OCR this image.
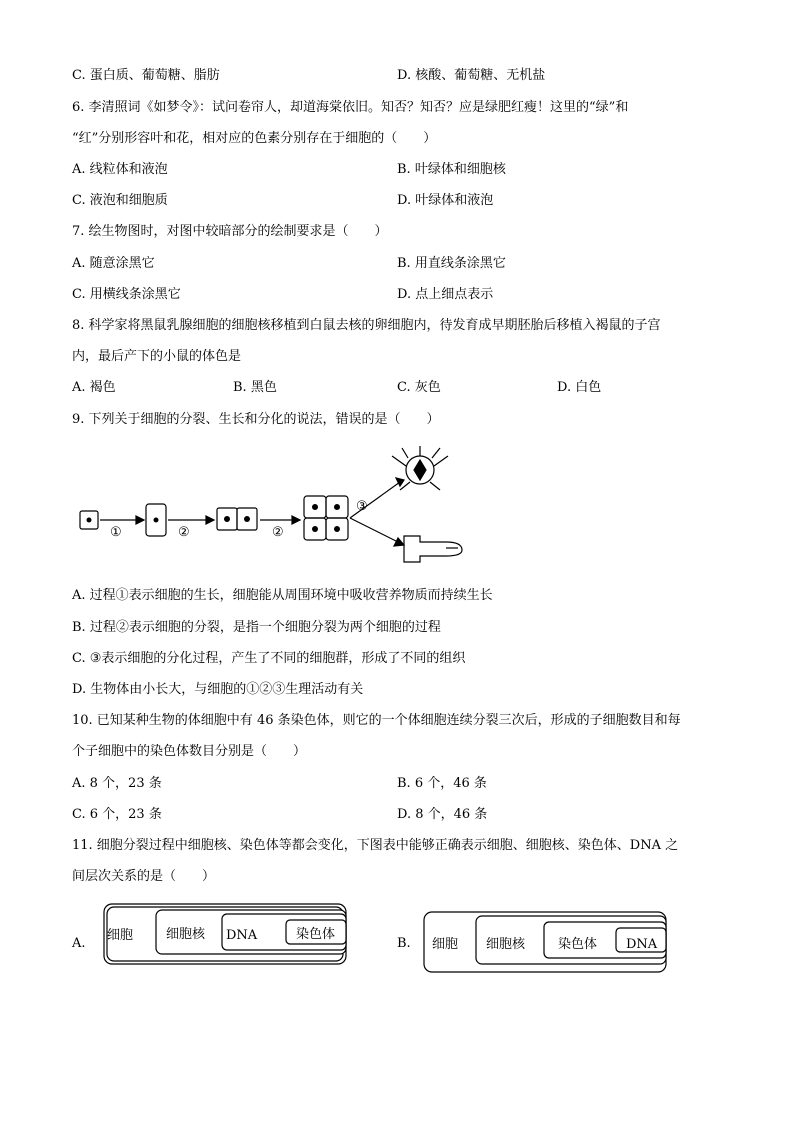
C. 蛋白质、葡萄糖、脂肪	D. 核酸、葡萄糖、无机盐
6. 李清照词《如梦令》：试问卷帘人，却道海棠依旧。知否？知否？应是绿肥红瘦！这里的“绿”和
“红”分别形容叶和花，相对应的色素分别存在于细胞的（　　）
A. 线粒体和液泡	B. 叶绿体和细胞核
C. 液泡和细胞质	D. 叶绿体和液泡
7. 绘生物图时，对图中较暗部分的绘制要求是（　　）
A. 随意涂黑它	B. 用直线条涂黑它
C. 用横线条涂黑它	D. 点上细点表示
8. 科学家将黑鼠乳腺细胞的细胞核移植到白鼠去核的卵细胞内，待发育成早期胚胎后移植入褐鼠的子宫
内，最后产下的小鼠的体色是
A. 褐色	B. 黑色	C. 灰色	D. 白色
9. 下列关于细胞的分裂、生长和分化的说法，错误的是（　　）
①	②	②
③
A. 过程①表示细胞的生长，细胞能从周围环境中吸收营养物质而持续生长
B. 过程②表示细胞的分裂，是指一个细胞分裂为两个细胞的过程
C. ③表示细胞的分化过程，产生了不同的细胞群，形成了不同的组织
D. 生物体由小长大，与细胞的①②③生理活动有关
10. 已知某种生物的体细胞中有 46 条染色体，则它的一个体细胞连续分裂三次后，形成的子细胞数目和每
个子细胞中的染色体数目分别是（　　）
A. 8 个，23 条	B. 6 个，46 条
C. 6 个，23 条	D. 8 个，46 条
11. 细胞分裂过程中细胞核、染色体等都会变化，下图表中能够正确表示细胞、细胞核、染色体、DNA 之
间层次关系的是（　　）
A.
细胞	细胞核 DNA	染色体
B. 细胞 细胞核	染色体 DNA
